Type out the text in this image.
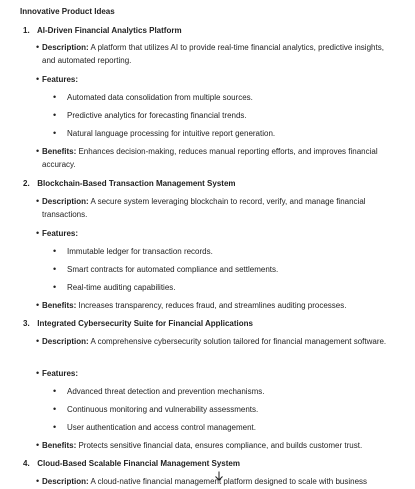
Innovative Product Ideas
1. AI-Driven Financial Analytics Platform
• Description: A platform that utilizes AI to provide real-time financial analytics, predictive insights, and automated reporting.
• Features:
• Automated data consolidation from multiple sources.
• Predictive analytics for forecasting financial trends.
• Natural language processing for intuitive report generation.
• Benefits: Enhances decision-making, reduces manual reporting efforts, and improves financial accuracy.
2. Blockchain-Based Transaction Management System
• Description: A secure system leveraging blockchain to record, verify, and manage financial transactions.
• Features:
• Immutable ledger for transaction records.
• Smart contracts for automated compliance and settlements.
• Real-time auditing capabilities.
• Benefits: Increases transparency, reduces fraud, and streamlines auditing processes.
3. Integrated Cybersecurity Suite for Financial Applications
• Description: A comprehensive cybersecurity solution tailored for financial management software.
• Features:
• Advanced threat detection and prevention mechanisms.
• Continuous monitoring and vulnerability assessments.
• User authentication and access control management.
• Benefits: Protects sensitive financial data, ensures compliance, and builds customer trust.
4. Cloud-Based Scalable Financial Management System
• Description: A cloud-native financial management platform designed to scale with business
